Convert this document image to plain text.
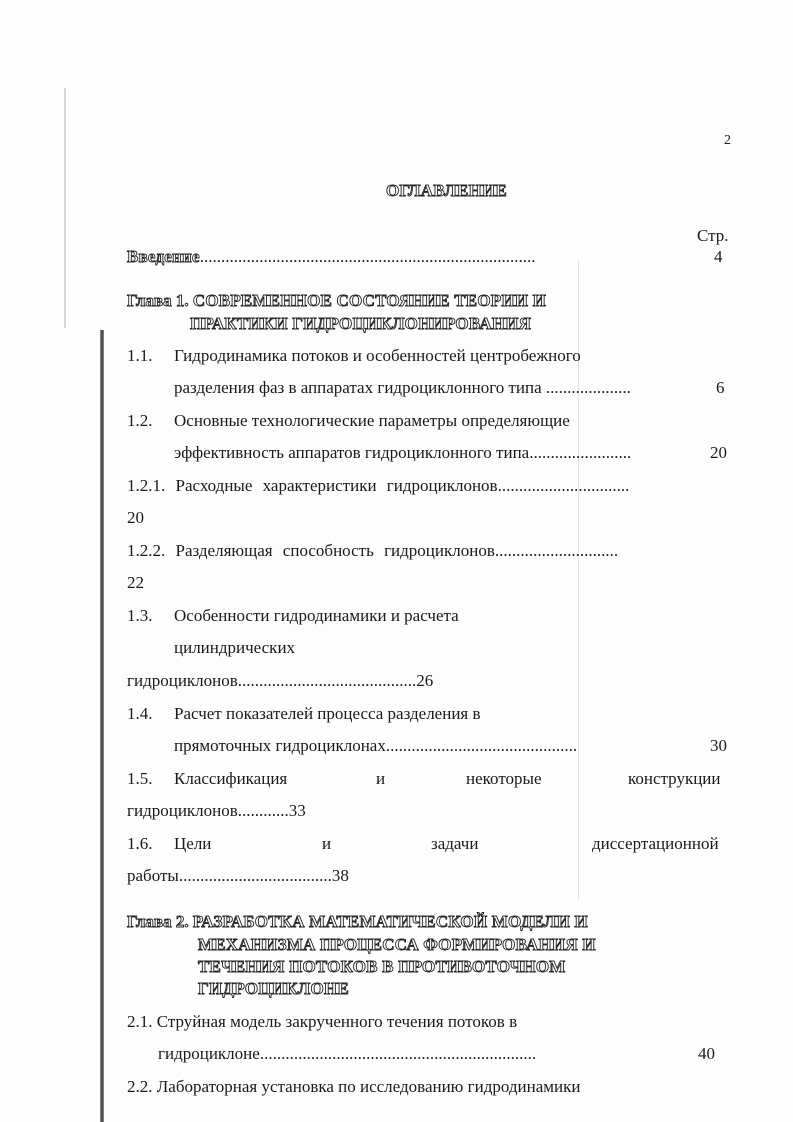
2
ОГЛАВЛЕНИЕ
Стр.
Введение...............................................................................	4
Глава 1. СОВРЕМЕННОЕ СОСТОЯНИЕ ТЕОРИИ И
ПРАКТИКИ ГИДРОЦИКЛОНИРОВАНИЯ
1.1. Гидродинамика потоков и особенностей центробежного
разделения фаз в аппаратах гидроциклонного типа ....................	6
1.2. Основные технологические параметры определяющие
эффективность аппаратов гидроциклонного типа........................	20
1.2.1. Расходные характеристики гидроциклонов...............................
20
1.2.2. Разделяющая способность гидроциклонов.............................
22
1.3. Особенности гидродинамики и расчета
цилиндрических
гидроциклонов..........................................26
1.4. Расчет показателей процесса разделения в
прямоточных гидроциклонах.............................................	30
1.5. Классификация	и	некоторые	конструкции
гидроциклонов............33
1.6. Цели	и	задачи	диссертационной
работы....................................38
Глава 2. РАЗРАБОТКА МАТЕМАТИЧЕСКОЙ МОДЕЛИ И
МЕХАНИЗМА ПРОЦЕССА ФОРМИРОВАНИЯ И
ТЕЧЕНИЯ ПОТОКОВ В ПРОТИВОТОЧНОМ
ГИДРОЦИКЛОНЕ
2.1. Струйная модель закрученного течения потоков в
гидроциклоне.................................................................	40
2.2. Лабораторная установка по исследованию гидродинамики
